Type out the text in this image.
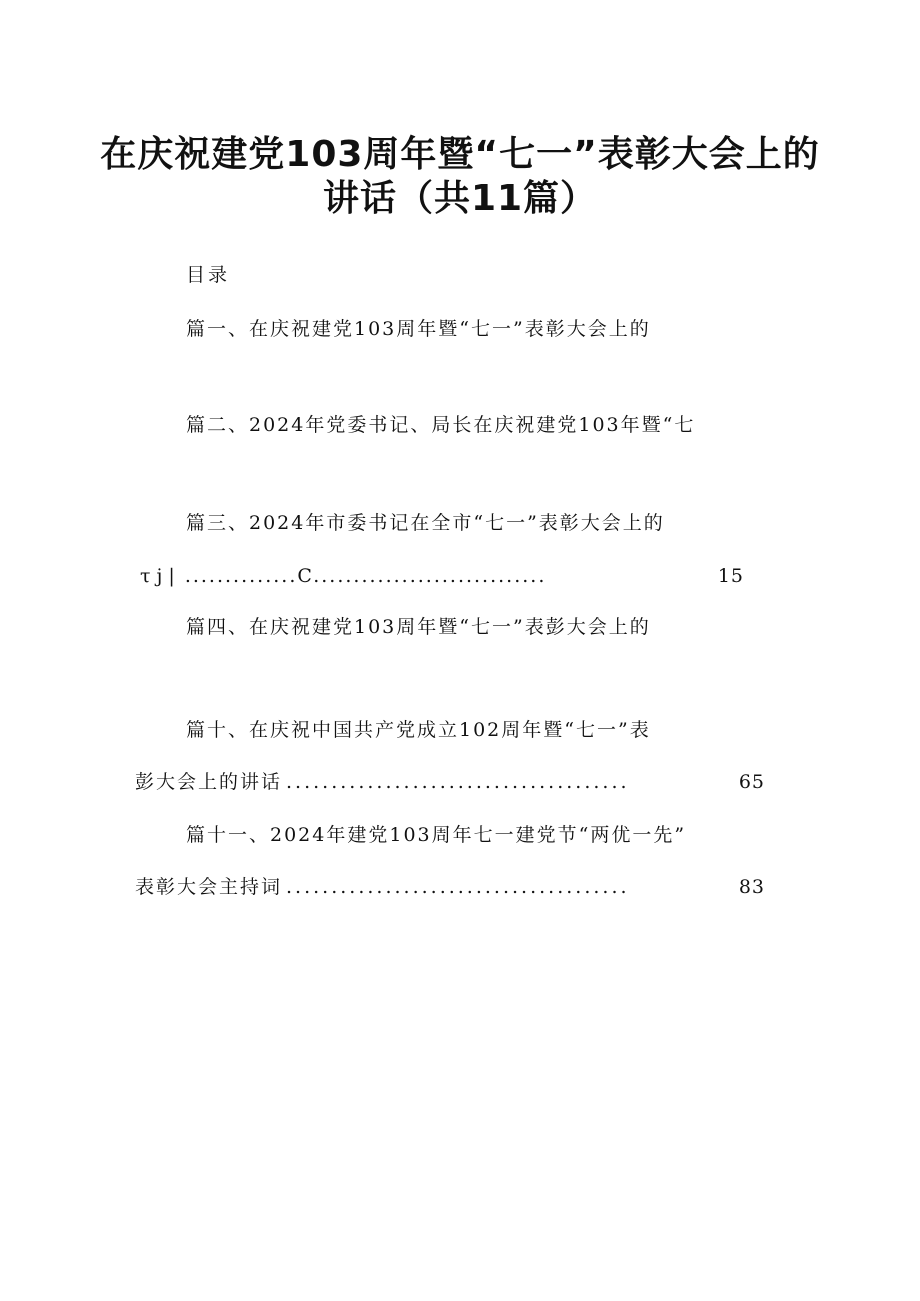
在庆祝建党103周年暨“七一”表彰大会上的
讲话（共11篇）
目录
篇一、在庆祝建党103周年暨“七一”表彰大会上的
篇二、2024年党委书记、局长在庆祝建党103年暨“七
篇三、2024年市委书记在全市“七一”表彰大会上的
τj| ..............C.............................	15
篇四、在庆祝建党103周年暨“七一”表彭大会上的
篇十、在庆祝中国共产党成立102周年暨“七一”表
彭大会上的讲话 ......................................	65
篇十一、2024年建党103周年七一建党节“两优一先”
表彰大会主持词 ......................................	83
